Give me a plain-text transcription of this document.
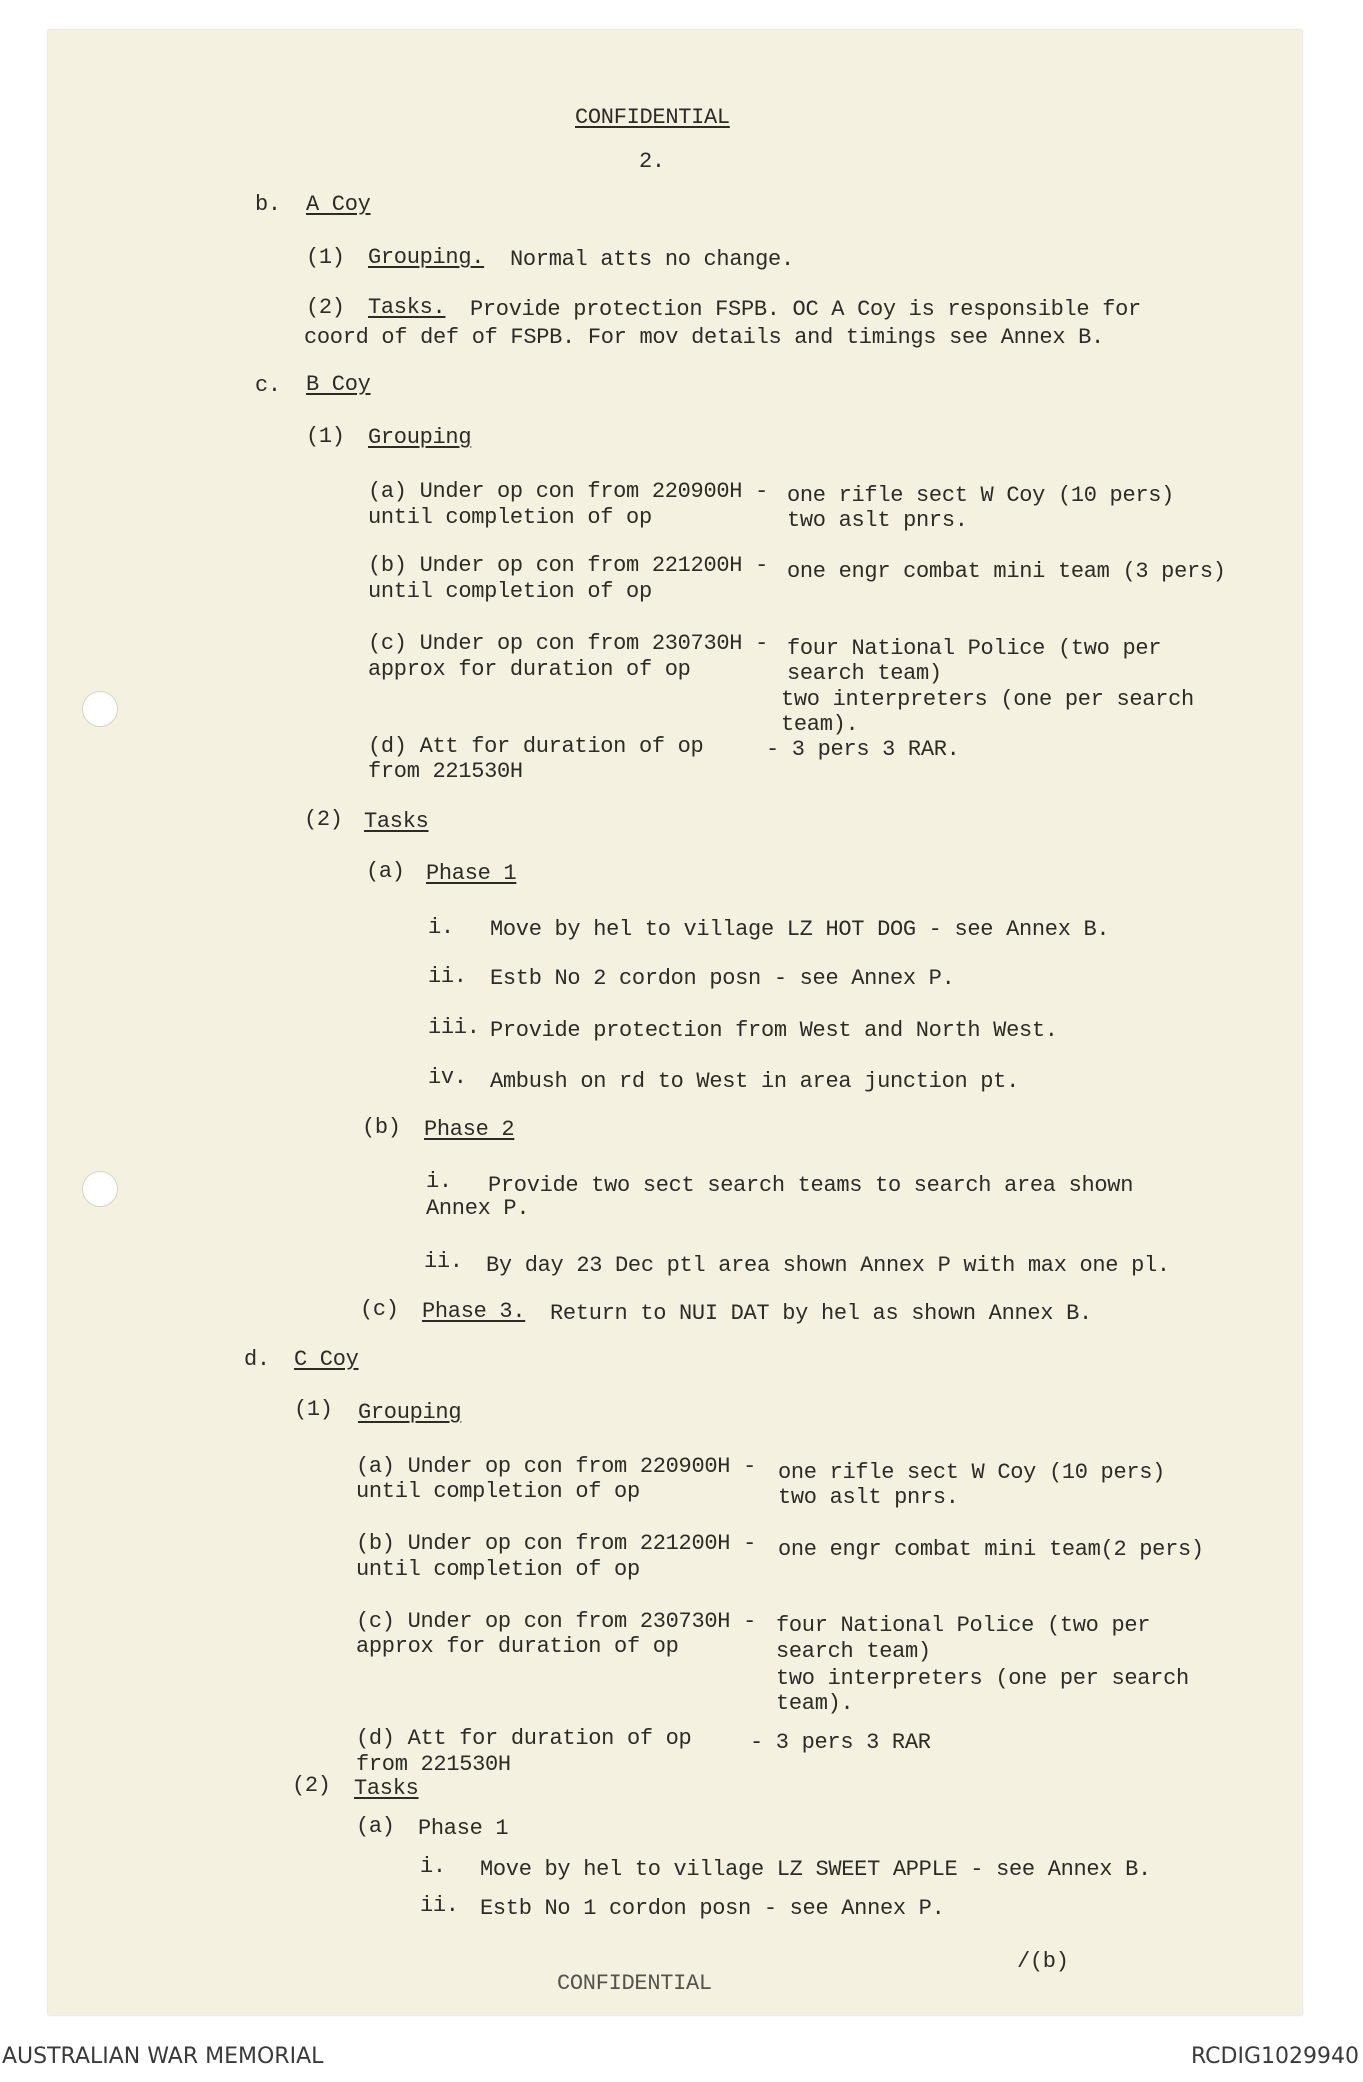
CONFIDENTIAL
2.
b. A Coy
(1) Grouping. Normal atts no change.
(2) Tasks. Provide protection FSPB. OC A Coy is responsible for
coord of def of FSPB. For mov details and timings see Annex B.
c. B Coy
(1) Grouping
(a) Under op con from 220900H -
until completion of op
one rifle sect W Coy (10 pers)
two aslt pnrs.
(b) Under op con from 221200H -
until completion of op
one engr combat mini team (3 pers)
(c) Under op con from 230730H -
approx for duration of op
four National Police (two per
search team)
two interpreters (one per search
team).
(d) Att for duration of op
from 221530H
- 3 pers 3 RAR.
(2) Tasks
(a) Phase 1
i. Move by hel to village LZ HOT DOG - see Annex B.
ii. Estb No 2 cordon posn - see Annex P.
iii. Provide protection from West and North West.
iv. Ambush on rd to West in area junction pt.
(b) Phase 2
i. Provide two sect search teams to search area shown
Annex P.
ii. By day 23 Dec ptl area shown Annex P with max one pl.
(c) Phase 3. Return to NUI DAT by hel as shown Annex B.
d. C Coy
(1) Grouping
(a) Under op con from 220900H -
until completion of op
one rifle sect W Coy (10 pers)
two aslt pnrs.
(b) Under op con from 221200H -
until completion of op
one engr combat mini team(2 pers)
(c) Under op con from 230730H -
approx for duration of op
four National Police (two per
search team)
two interpreters (one per search
team).
(d) Att for duration of op
from 221530H
- 3 pers 3 RAR
(2) Tasks
(a) Phase 1
i. Move by hel to village LZ SWEET APPLE - see Annex B.
ii. Estb No 1 cordon posn - see Annex P.
/(b)
CONFIDENTIAL
AUSTRALIAN WAR MEMORIAL	RCDIG1029940
